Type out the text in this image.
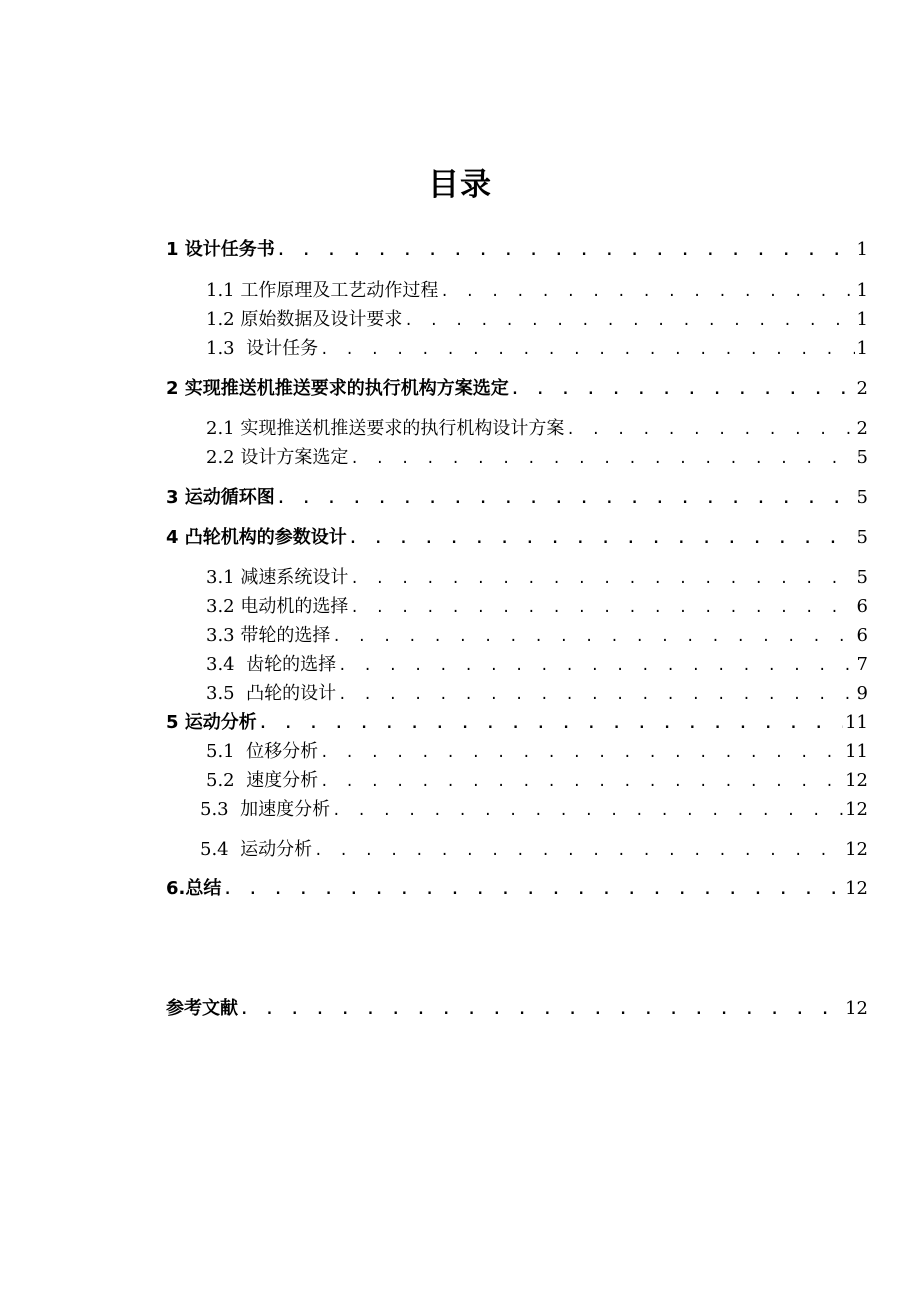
目录
1 设计任务书 . . .	1
1.1 工作原理及工艺动作过程 . . .	1
1.2 原始数据及设计要求 . . .	1
1.3  设计任务 . . .	1
2 实现推送机推送要求的执行机构方案选定 . . .	2
2.1 实现推送机推送要求的执行机构设计方案 . . .	2
2.2 设计方案选定 . . .	5
3 运动循环图 . . .	5
4 凸轮机构的参数设计 . . .	5
3.1 减速系统设计 . . .	5
3.2 电动机的选择 . . .	6
3.3 带轮的选择 . . .	6
3.4  齿轮的选择 . . .	7
3.5  凸轮的设计 . . .	9
5 运动分析 . . .	11
5.1  位移分析 . . .	11
5.2  速度分析 . . .	12
5.3  加速度分析 . . .	12
5.4  运动分析 . . .	12
6.总结 . . .	12
参考文献 . . .	12
